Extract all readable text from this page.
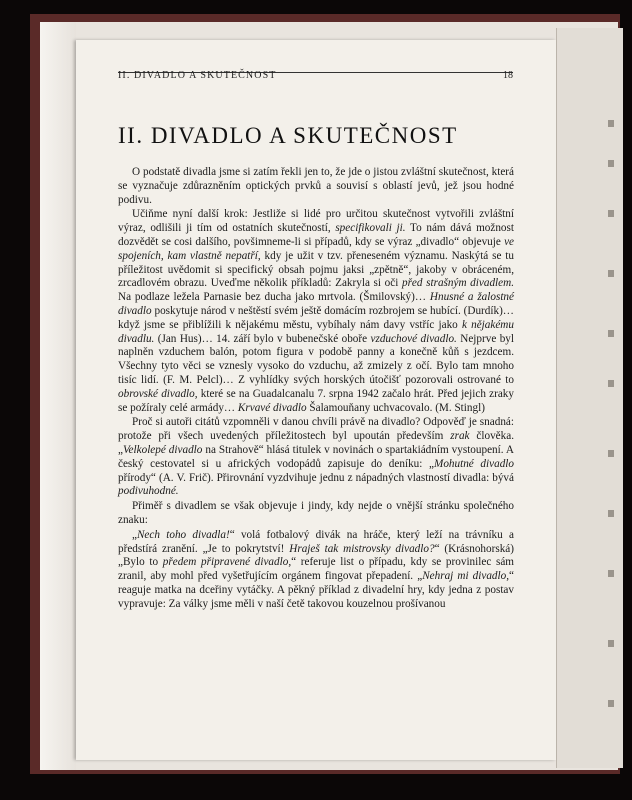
II. DIVADLO A SKUTEČNOST	18
II. DIVADLO A SKUTEČNOST

O podstatě divadla jsme si zatím řekli jen to, že jde o jistou zvláštní skutečnost, která se vyznačuje zdůrazněním optických prvků a souvisí s oblastí jevů, jež jsou hodné podivu.

Učiňme nyní další krok: Jestliže si lidé pro určitou skutečnost vytvořili zvláštní výraz, odlišili ji tím od ostatních skutečností, specifikovali ji. To nám dává možnost dozvědět se cosi dalšího, povšimneme-li si případů, kdy se výraz „divadlo“ objevuje ve spojeních, kam vlastně nepatří, kdy je užit v tzv. přeneseném významu. Naskýtá se tu příležitost uvědomit si specifický obsah pojmu jaksi „zpětně“, jakoby v obráceném, zrcadlovém obrazu. Uveďme několik příkladů: Zakryla si oči před strašným divadlem. Na podlaze ležela Parnasie bez ducha jako mrtvola. (Šmilovský)… Hnusné a žalostné divadlo poskytuje národ v neštěstí svém ještě domácím rozbrojem se hubící. (Durdík)… když jsme se přiblížili k nějakému městu, vybíhaly nám davy vstříc jako k nějakému divadlu. (Jan Hus)… 14. září bylo v bubenečské oboře vzduchové divadlo. Nejprve byl naplněn vzduchem balón, potom figura v podobě panny a konečně kůň s jezdcem. Všechny tyto věci se vznesly vysoko do vzduchu, až zmizely z očí. Bylo tam mnoho tisíc lidí. (F. M. Pelcl)… Z vyhlídky svých horských útočišť pozorovali ostrované to obrovské divadlo, které se na Guadalcanalu 7. srpna 1942 začalo hrát. Před jejich zraky se požíraly celé armády… Krvavé divadlo Šalamouňany uchvacovalo. (M. Stingl)

Proč si autoři citátů vzpomněli v danou chvíli právě na divadlo? Odpověď je snadná: protože při všech uvedených příležitostech byl upoután především zrak člověka. „Velkolepé divadlo na Strahově“ hlásá titulek v novinách o spartakiádním vystoupení. A český cestovatel si u afrických vodopádů zapisuje do deníku: „Mohutné divadlo přírody“ (A. V. Frič). Přirovnání vyzdvihuje jednu z nápadných vlastností divadla: bývá podivuhodné.

Přiměř s divadlem se však objevuje i jindy, kdy nejde o vnější stránku společného znaku:

„Nech toho divadla!“ volá fotbalový divák na hráče, který leží na trávníku a předstírá zranění. „Je to pokrytství! Hraješ tak mistrovsky divadlo?“ (Krásnohorská) „Bylo to předem připravené divadlo,“ referuje list o případu, kdy se provinilec sám zranil, aby mohl před vyšetřujícím orgánem fingovat přepadení. „Nehraj mi divadlo,“ reaguje matka na dceřiny vytáčky. A pěkný příklad z divadelní hry, kdy jedna z postav vypravuje: Za války jsme měli v naší četě takovou kouzelnou prošívanou
